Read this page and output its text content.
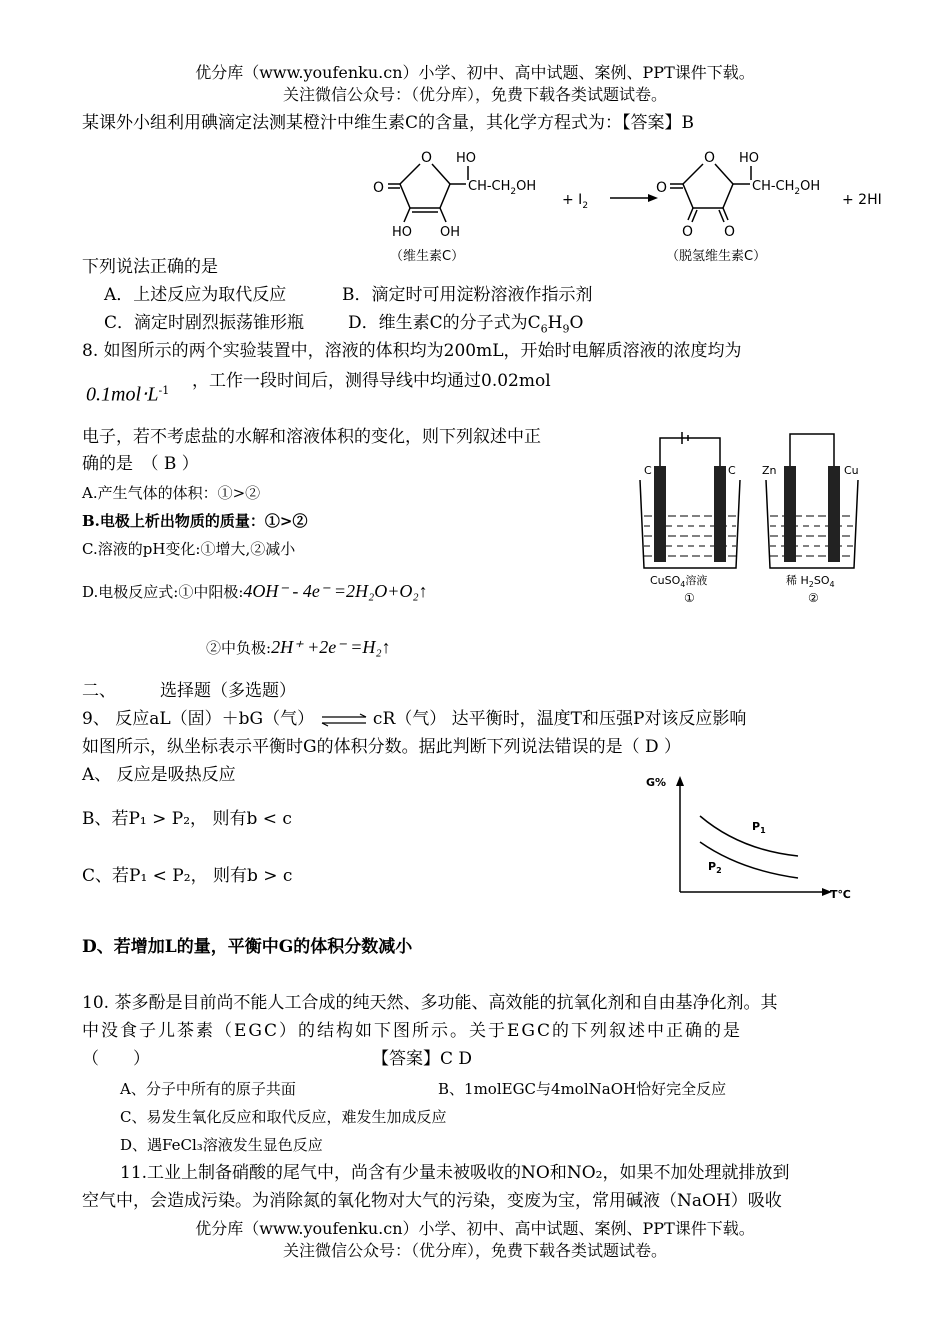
优分库（www.youfenku.cn）小学、初中、高中试题、案例、PPT课件下载。
关注微信公众号：（优分库），免费下载各类试题试卷。
某课外小组利用碘滴定法测某橙汁中维生素C的含量，其化学方程式为：【答案】B
O
O
HO OH
HO
$CH-CH_2OH$
（维生素C）
+ $I_2$
O
O
O O
HO
$CH-CH_2OH$
+ 2HI
（脱氢维生素C）
下列说法正确的是
A．上述反应为取代反应	B．滴定时可用淀粉溶液作指示剂
C．滴定时剧烈振荡锥形瓶	D．维生素C的分子式为$C_6H_9O$
8. 如图所示的两个实验装置中，溶液的体积均为200mL，开始时电解质溶液的浓度均为
$0.1mol\cdot L^{-1}$ ，工作一段时间后，测得导线中均通过0.02mol
电子，若不考虑盐的水解和溶液体积的变化，则下列叙述中正
确的是　（ B ）
A.产生气体的体积：①>②
B.电极上析出物质的质量：①>②
C.溶液的pH变化:①增大,②减小
D.电极反应式:①中阳极:4OH⁻ - 4e⁻ =2H₂O+O₂↑
②中负极:2H⁺ +2e⁻ =H₂↑
C	C
CuSO$_4$溶液
①
Zn	Cu
稀 $H_2SO_4$
②
二、	选择题（多选题）
9、 反应aL（固）＋bG（气） ⇌ cR（气） 达平衡时，温度T和压强P对该反应影响
如图所示，纵坐标表示平衡时G的体积分数。据此判断下列说法错误的是（ D ）
A、 反应是吸热反应
B、若P₁ > P₂， 则有b < c
C、若P₁ < P₂， 则有b > c
D、若增加L的量，平衡中G的体积分数减小
G%
T℃
$P_1$
$P_2$
10. 茶多酚是目前尚不能人工合成的纯天然、多功能、高效能的抗氧化剂和自由基净化剂。其
中没食子儿茶素（EGC）的结构如下图所示。关于EGC的下列叙述中正确的是
（　　）	【答案】C D
A、分子中所有的原子共面	B、1molEGC与4molNaOH恰好完全反应
C、易发生氧化反应和取代反应，难发生加成反应
D、遇FeCl₃溶液发生显色反应
11.工业上制备硝酸的尾气中，尚含有少量未被吸收的NO和NO₂，如果不加处理就排放到
空气中，会造成污染。为消除氮的氧化物对大气的污染，变废为宝，常用碱液（NaOH）吸收
优分库（www.youfenku.cn）小学、初中、高中试题、案例、PPT课件下载。
关注微信公众号：（优分库），免费下载各类试题试卷。
